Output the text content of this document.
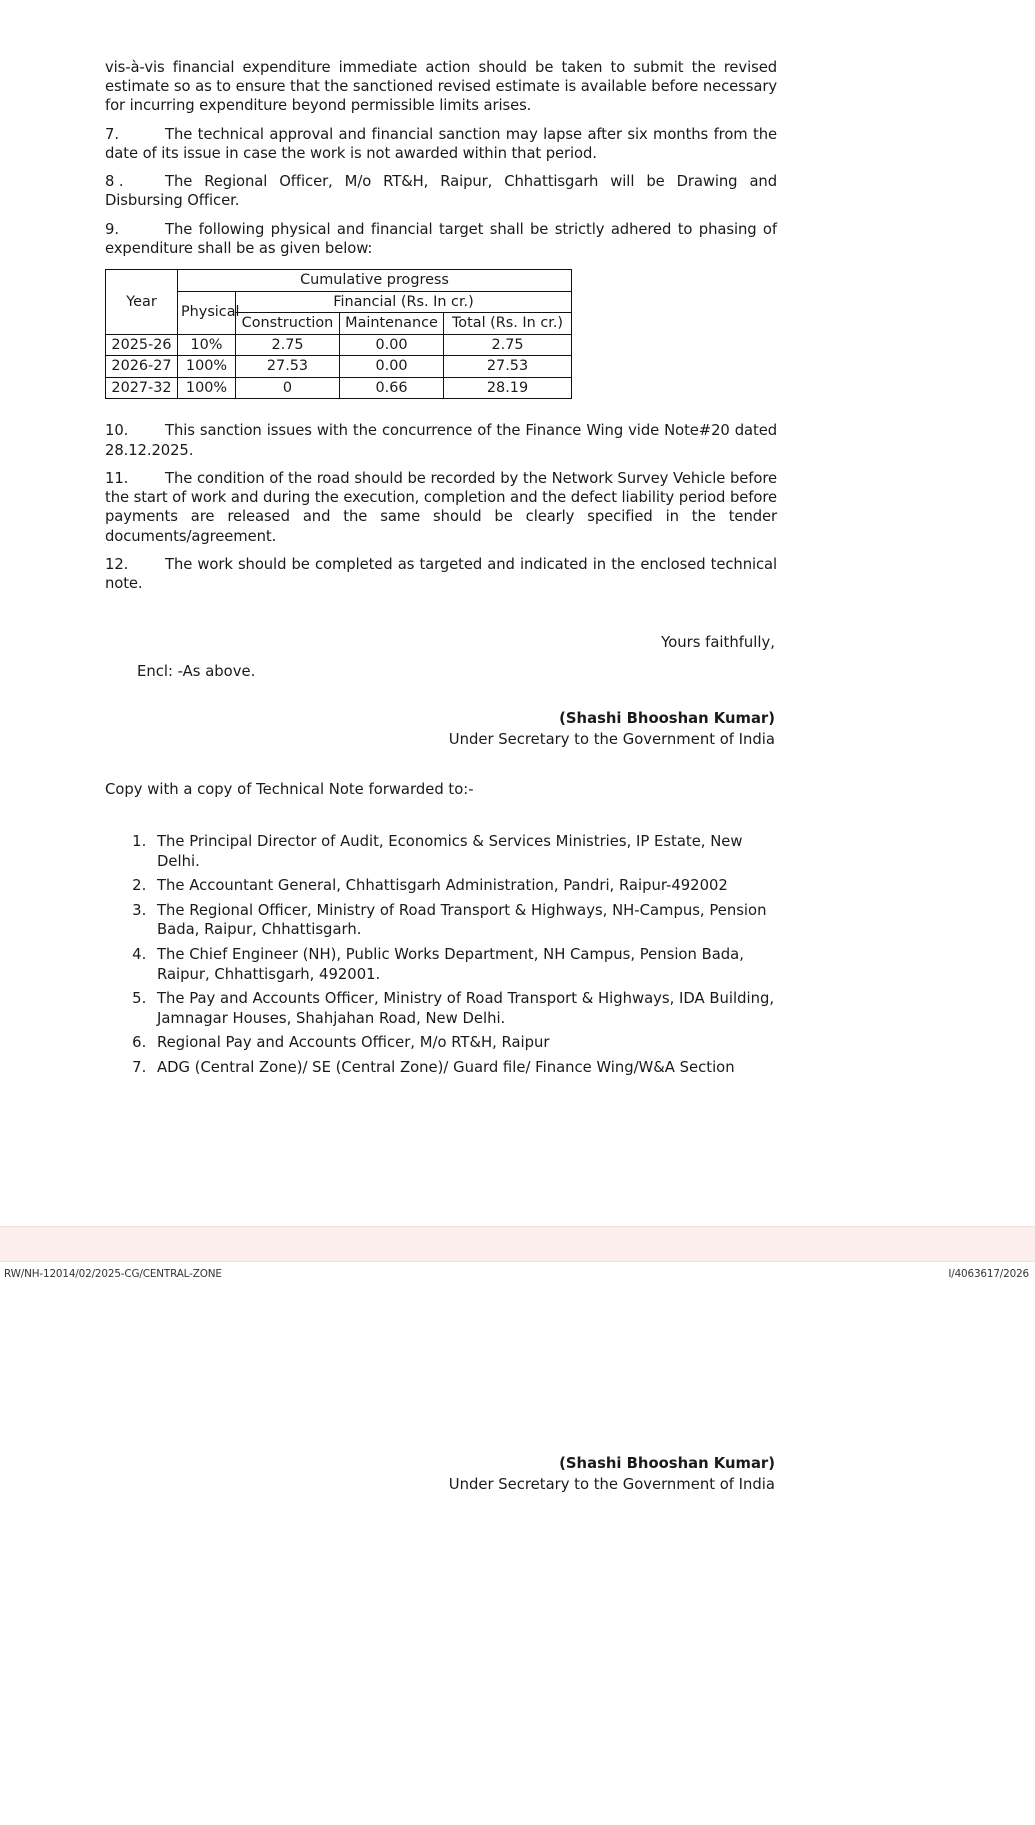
vis-à-vis financial expenditure immediate action should be taken to submit the revised estimate so as to ensure that the sanctioned revised estimate is available before necessary for incurring expenditure beyond permissible limits arises.

7.	The technical approval and financial sanction may lapse after six months from the date of its issue in case the work is not awarded within that period.

8 .	The Regional Officer, M/o RT&H, Raipur, Chhattisgarh will be Drawing and Disbursing Officer.

9.	The following physical and financial target shall be strictly adhered to phasing of expenditure shall be as given below:

Year	Cumulative progress			
	Physical	Financial (Rs. In cr.)		
		Construction	Maintenance	Total (Rs. In cr.)
2025-26	10%	2.75	0.00	2.75
2026-27	100%	27.53	0.00	27.53
2027-32	100%	0	0.66	28.19

10. This sanction issues with the concurrence of the Finance Wing vide Note#20 dated 28.12.2025.

11. The condition of the road should be recorded by the Network Survey Vehicle before the start of work and during the execution, completion and the defect liability period before payments are released and the same should be clearly specified in the tender documents/agreement.

12. The work should be completed as targeted and indicated in the enclosed technical note.

Yours faithfully,
Encl: -As above.
(Shashi Bhooshan Kumar)
Under Secretary to the Government of India
Copy with a copy of Technical Note forwarded to:-
1. The Principal Director of Audit, Economics & Services Ministries, IP Estate, New Delhi.
2. The Accountant General, Chhattisgarh Administration, Pandri, Raipur-492002
3. The Regional Officer, Ministry of Road Transport & Highways, NH-Campus, Pension Bada, Raipur, Chhattisgarh.
4. The Chief Engineer (NH), Public Works Department, NH Campus, Pension Bada, Raipur, Chhattisgarh, 492001.
5. The Pay and Accounts Officer, Ministry of Road Transport & Highways, IDA Building, Jamnagar Houses, Shahjahan Road, New Delhi.
6. Regional Pay and Accounts Officer, M/o RT&H, Raipur
7. ADG (Central Zone)/ SE (Central Zone)/ Guard file/ Finance Wing/W&A Section
RW/NH-12014/02/2025-CG/CENTRAL-ZONE	I/4063617/2026
(Shashi Bhooshan Kumar)
Under Secretary to the Government of India
